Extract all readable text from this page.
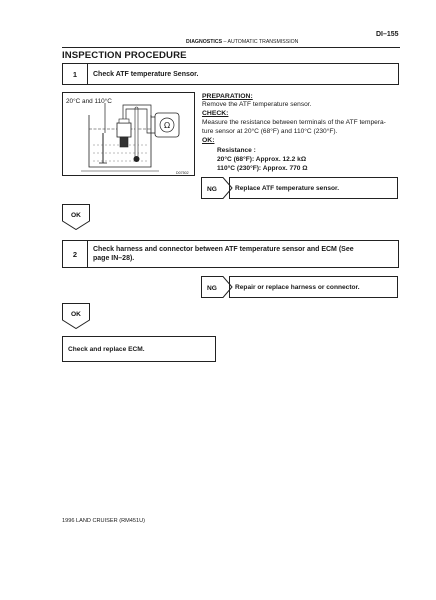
DI–155
DIAGNOSTICS – AUTOMATIC TRANSMISSION
INSPECTION PROCEDURE
1	Check ATF temperature Sensor.
Ω
20°C and 110°C
D07502
PREPARATION:
Remove the ATF temperature sensor.
CHECK:
Measure the resistance between terminals of the ATF tempera-
ture sensor at 20°C (68°F) and 110°C (230°F).
OK:
Resistance :
20°C (68°F): Approx. 12.2 kΩ
110°C (230°F): Approx. 770 Ω
NG	Replace ATF temperature sensor.
OK
2	Check harness and connector between ATF temperature sensor and ECM (See
page IN–28).
NG	Repair or replace harness or connector.
OK
Check and replace ECM.
1996 LAND CRUISER (RM451U)
